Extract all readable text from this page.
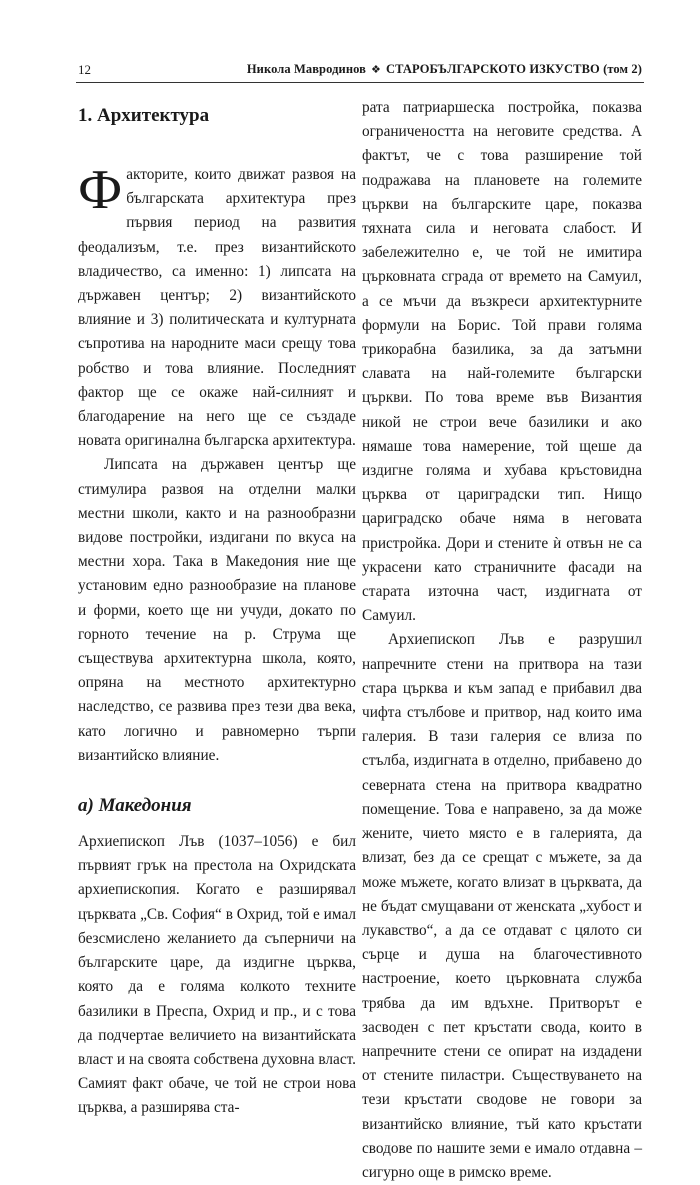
12	Никола Мавродинов ❖ СТАРОБЪЛГАРСКОТО ИЗКУСТВО (том 2)
1. Архитектура

Факторите, които движат развоя на българската архитектура през първия период на развития феодализъм, т.е. през византийското владичество, са именно: 1) липсата на държавен център; 2) византийското влияние и 3) политическата и културната съпротива на народните маси срещу това робство и това влияние. Последният фактор ще се окаже най-силният и благодарение на него ще се създаде новата оригинална българска архитектура.

Липсата на държавен център ще стимулира развоя на отделни малки местни школи, както и на разнообразни видове постройки, издигани по вкуса на местни хора. Така в Македония ние ще установим едно разнообразие на планове и форми, което ще ни учуди, докато по горното течение на р. Струма ще съществува архитектурна школа, която, опряна на местното архитектурно наследство, се развива през тези два века, като логично и равномерно търпи византийско влияние.

а) Македония

Архиепископ Лъв (1037–1056) е бил първият грък на престола на Охридската архиепископия. Когато е разширявал църквата „Св. София“ в Охрид, той е имал безсмислено желанието да съперничи на българските царе, да издигне църква, която да е голяма колкото техните базилики в Преспа, Охрид и пр., и с това да подчертае величието на византийската власт и на своята собствена духовна власт. Самият факт обаче, че той не строи нова църква, а разширява ста-

рата патриаршеска постройка, показва ограничеността на неговите средства. А фактът, че с това разширение той подражава на плановете на големите църкви на българските царе, показва тяхната сила и неговата слабост. И забележително е, че той не имитира църковната сграда от времето на Самуил, а се мъчи да възкреси архитектурните формули на Борис. Той прави голяма трикорабна базилика, за да затъмни славата на най-големите български църкви. По това време във Византия никой не строи вече базилики и ако нямаше това намерение, той щеше да издигне голяма и хубава кръстовидна църква от цариградски тип. Нищо цариградско обаче няма в неговата пристройка. Дори и стените ѝ отвън не са украсени като страничните фасади на старата източна част, издигната от Самуил.

Архиепископ Лъв е разрушил напречните стени на притвора на тази стара църква и към запад е прибавил два чифта стълбове и притвор, над които има галерия. В тази галерия се влиза по стълба, издигната в отделно, прибавено до северната стена на притвора квадратно помещение. Това е направено, за да може жените, чието място е в галерията, да влизат, без да се срещат с мъжете, за да може мъжете, когато влизат в църквата, да не бъдат смущавани от женската „хубост и лукавство“, а да се отдават с цялото си сърце и душа на благочестивното настроение, което църковната служба трябва да им вдъхне. Притворът е засводен с пет кръстати свода, които в напречните стени се опират на издадени от стените пиластри. Съществуването на тези кръстати сводове не говори за византийско влияние, тъй като кръстати сводове по нашите земи е имало отдавна – сигурно още в римско време.
